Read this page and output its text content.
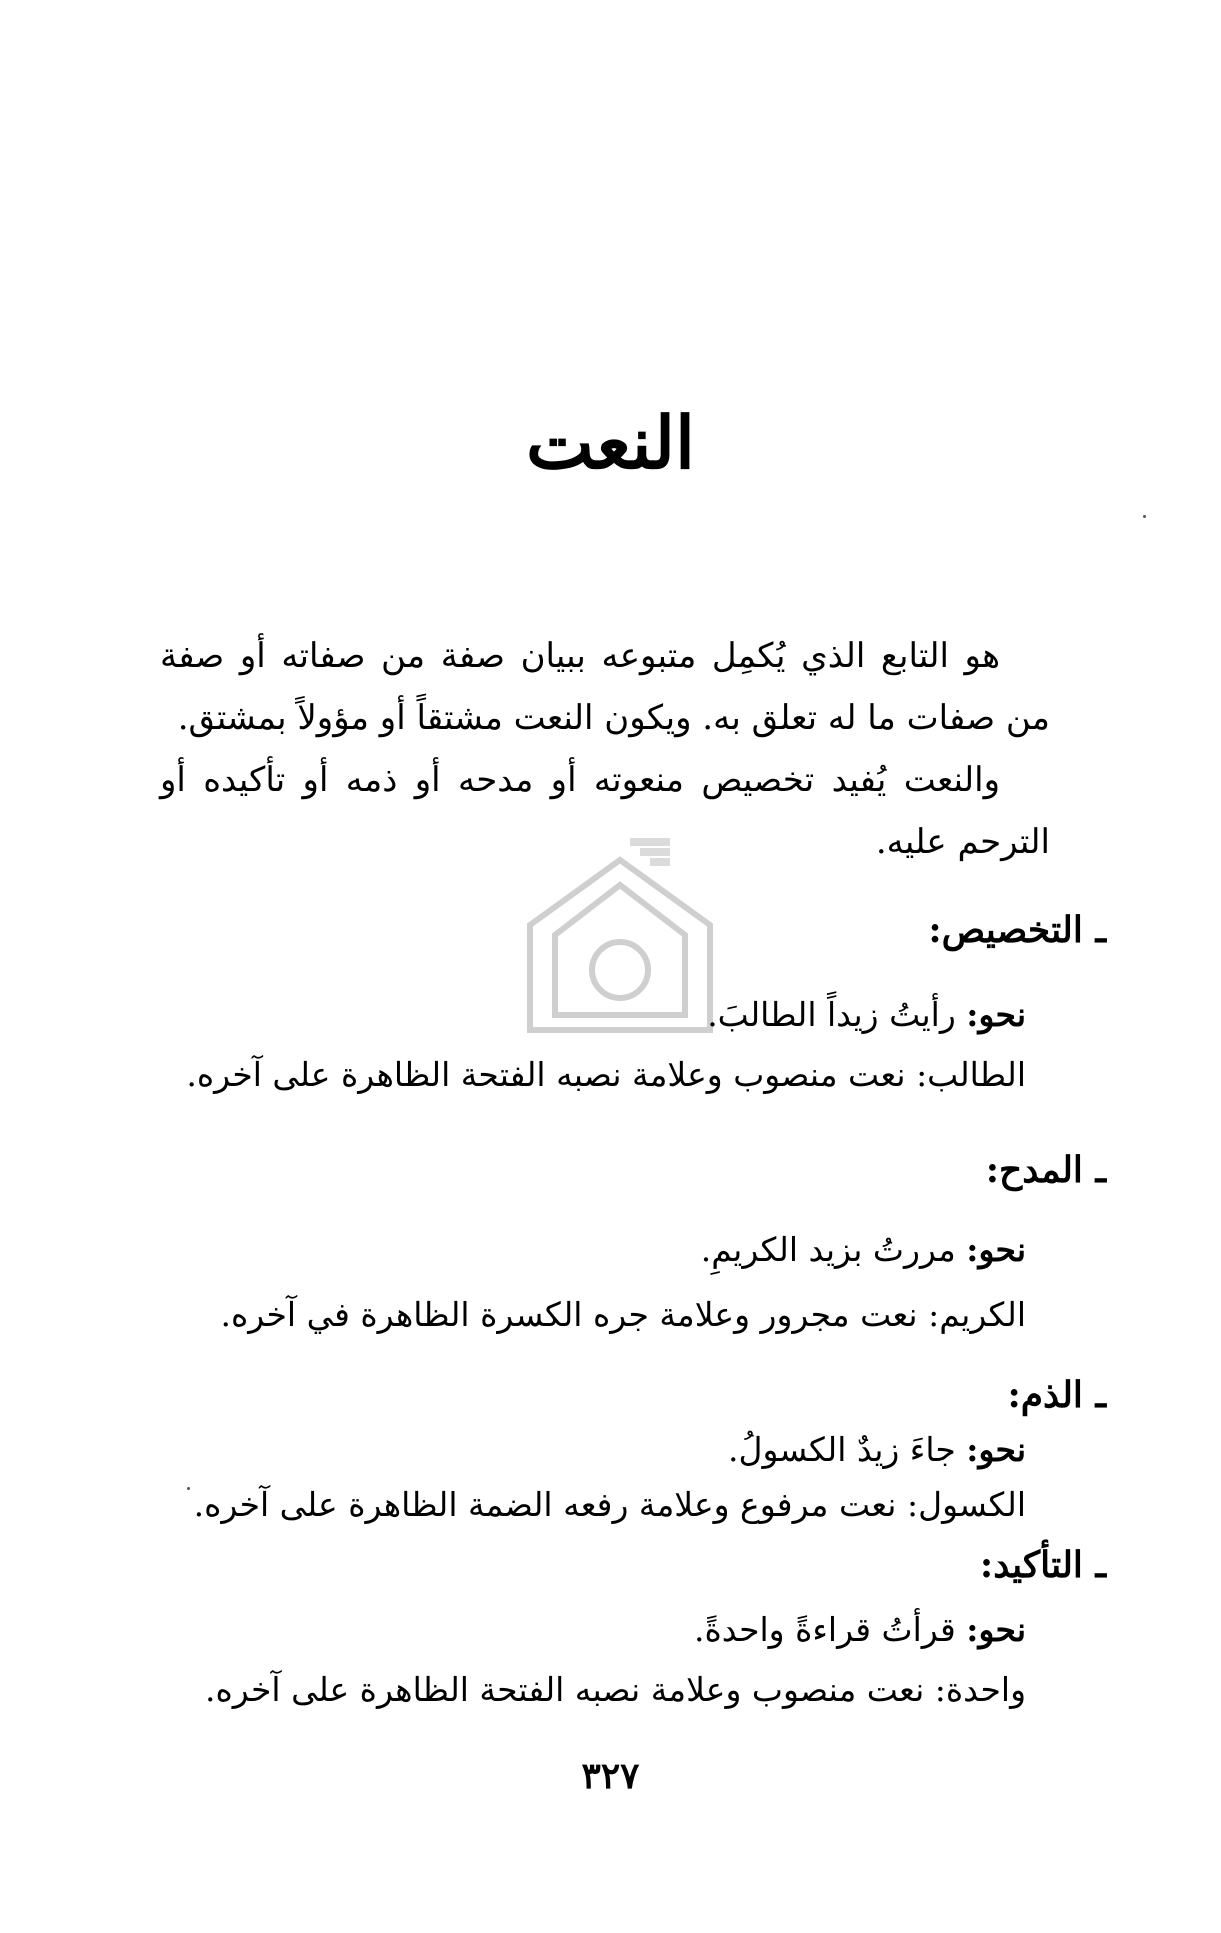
النعت

هو التابع الذي يُكمِل متبوعه ببيان صفة من صفاته أو صفة من صفات ما له تعلق به. ويكون النعت مشتقاً أو مؤولاً بمشتق.

والنعت يُفيد تخصيص منعوته أو مدحه أو ذمه أو تأكيده أو الترحم عليه.

ـ التخصيص:
نحو: رأيتُ زيداً الطالبَ.
الطالب: نعت منصوب وعلامة نصبه الفتحة الظاهرة على آخره.
ـ المدح:
نحو: مررتُ بزيد الكريمِ.
الكريم: نعت مجرور وعلامة جره الكسرة الظاهرة في آخره.
ـ الذم:
نحو: جاءَ زيدٌ الكسولُ.
الكسول: نعت مرفوع وعلامة رفعه الضمة الظاهرة على آخره.
ـ التأكيد:
نحو: قرأتُ قراءةً واحدةً.
واحدة: نعت منصوب وعلامة نصبه الفتحة الظاهرة على آخره.
٣٢٧
